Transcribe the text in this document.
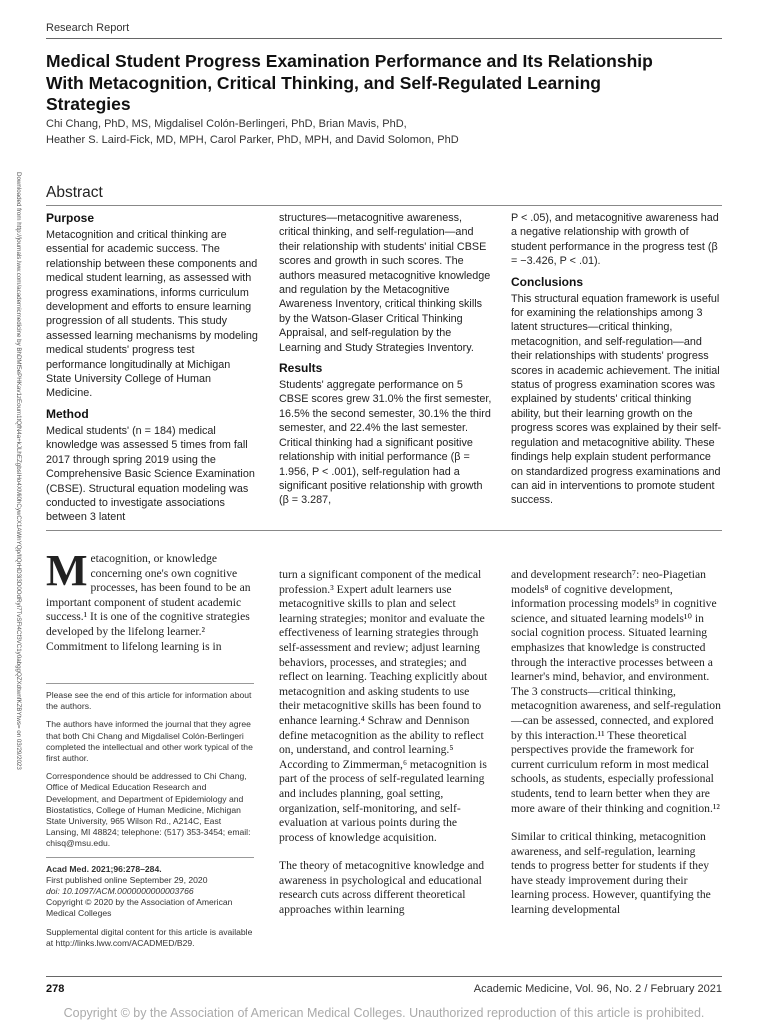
Research Report
Medical Student Progress Examination Performance and Its Relationship With Metacognition, Critical Thinking, and Self-Regulated Learning Strategies
Chi Chang, PhD, MS, Migdalisel Colón-Berlingeri, PhD, Brian Mavis, PhD,
Heather S. Laird-Fick, MD, MPH, Carol Parker, PhD, MPH, and David Solomon, PhD
Downloaded from http://journals.lww.com/academicmedicine by BhDMf5ePHKav1zEoum1tQfN4a+kJLhEZgbsIHo4XMi0hCywCX1AWnYQp/IlQrHD3i3D0OdRyi7TvSFl4Cf3VC1y0abggQZXdtwnfKZBYtws= on 03/29/2023 Abstract
Purpose

Metacognition and critical thinking are essential for academic success. The relationship between these components and medical student learning, as assessed with progress examinations, informs curriculum development and efforts to ensure learning progression of all students. This study assessed learning mechanisms by modeling medical students' progress test performance longitudinally at Michigan State University College of Human Medicine.

Method

Medical students' (n = 184) medical knowledge was assessed 5 times from fall 2017 through spring 2019 using the Comprehensive Basic Science Examination (CBSE). Structural equation modeling was conducted to investigate associations between 3 latent

structures—metacognitive awareness, critical thinking, and self-regulation—and their relationship with students' initial CBSE scores and growth in such scores. The authors measured metacognitive knowledge and regulation by the Metacognitive Awareness Inventory, critical thinking skills by the Watson-Glaser Critical Thinking Appraisal, and self-regulation by the Learning and Study Strategies Inventory.

Results

Students' aggregate performance on 5 CBSE scores grew 31.0% the first semester, 16.5% the second semester, 30.1% the third semester, and 22.4% the last semester. Critical thinking had a significant positive relationship with initial performance (β = 1.956, P < .001), self-regulation had a significant positive relationship with growth (β = 3.287,

P < .05), and metacognitive awareness had a negative relationship with growth of student performance in the progress test (β = −3.426, P < .01).

Conclusions

This structural equation framework is useful for examining the relationships among 3 latent structures—critical thinking, metacognition, and self-regulation—and their relationships with students' progress scores in academic achievement. The initial status of progress examination scores was explained by students' critical thinking ability, but their learning growth on the progress scores was explained by their self-regulation and metacognitive ability. These findings help explain student performance on standardized progress examinations and can aid in interventions to promote student success.

Metacognition, or knowledge concerning one's own cognitive processes, has been found to be an important component of student academic success.¹ It is one of the cognitive strategies developed by the lifelong learner.² Commitment to lifelong learning is in

Please see the end of this article for information about the authors.

The authors have informed the journal that they agree that both Chi Chang and Migdalisel Colón-Berlingeri completed the intellectual and other work typical of the first author.

Correspondence should be addressed to Chi Chang, Office of Medical Education Research and Development, and Department of Epidemiology and Biostatistics, College of Human Medicine, Michigan State University, 965 Wilson Rd., A214C, East Lansing, MI 48824; telephone: (517) 353-3454; email: chisq@msu.edu.

Acad Med. 2021;96:278–284.

First published online September 29, 2020

doi: 10.1097/ACM.0000000000003766

Copyright © 2020 by the Association of American Medical Colleges

Supplemental digital content for this article is available at http://links.lww.com/ACADMED/B29.

turn a significant component of the medical profession.³ Expert adult learners use metacognitive skills to plan and select learning strategies; monitor and evaluate the effectiveness of learning strategies through self-assessment and review; adjust learning behaviors, processes, and strategies; and reflect on learning. Teaching explicitly about metacognition and asking students to use their metacognitive skills has been found to enhance learning.⁴ Schraw and Dennison define metacognition as the ability to reflect on, understand, and control learning.⁵ According to Zimmerman,⁶ metacognition is part of the process of self-regulated learning and includes planning, goal setting, organization, self-monitoring, and self-evaluation at various points during the process of knowledge acquisition.

The theory of metacognitive knowledge and awareness in psychological and educational research cuts across different theoretical approaches within learning

and development research⁷: neo-Piagetian models⁸ of cognitive development, information processing models⁹ in cognitive science, and situated learning models¹⁰ in social cognition process. Situated learning emphasizes that knowledge is constructed through the interactive processes between a learner's mind, behavior, and environment. The 3 constructs—critical thinking, metacognition awareness, and self-regulation—can be assessed, connected, and explored by this interaction.¹¹ These theoretical perspectives provide the framework for current curriculum reform in most medical schools, as students, especially professional students, tend to learn better when they are more aware of their thinking and cognition.¹²

Similar to critical thinking, metacognition awareness, and self-regulation, learning tends to progress better for students if they have steady improvement during their learning process. However, quantifying the learning developmental

278	Academic Medicine, Vol. 96, No. 2 / February 2021
Copyright © by the Association of American Medical Colleges. Unauthorized reproduction of this article is prohibited.
